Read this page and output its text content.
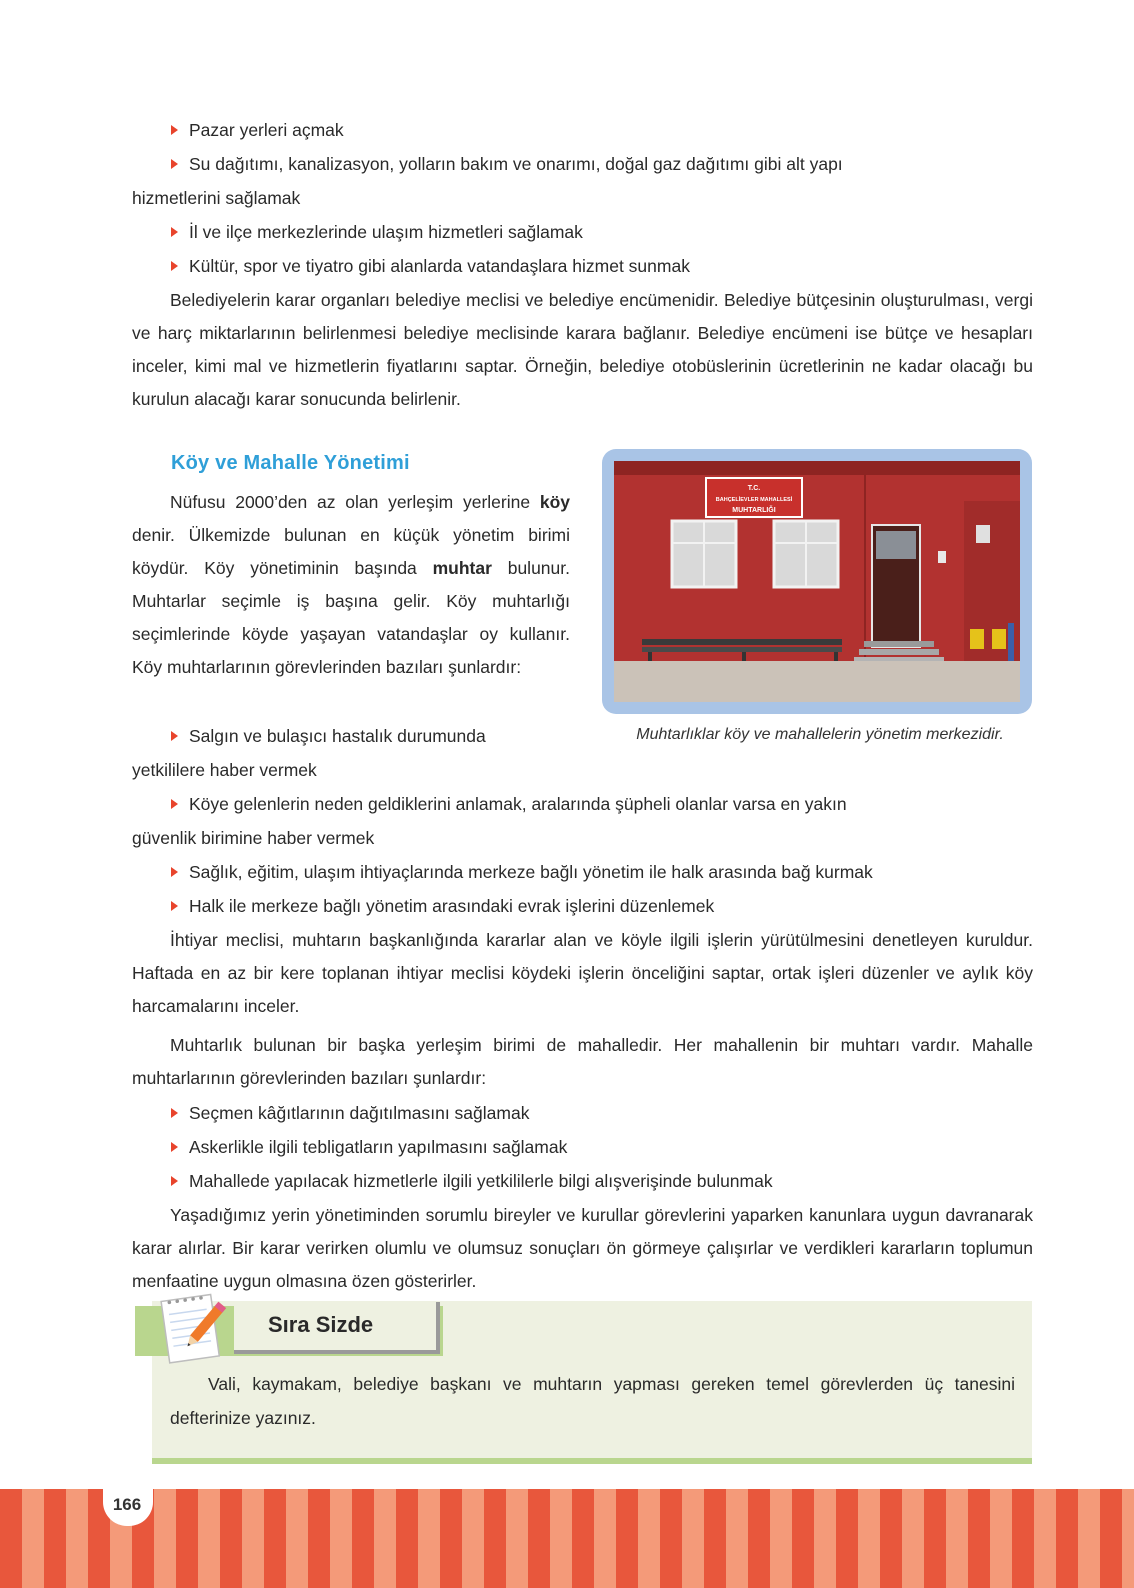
Pazar yerleri açmak
Su dağıtımı, kanalizasyon, yolların bakım ve onarımı, doğal gaz dağıtımı gibi alt yapı
hizmetlerini sağlamak
İl ve ilçe merkezlerinde ulaşım hizmetleri sağlamak
Kültür, spor ve tiyatro gibi alanlarda vatandaşlara hizmet sunmak

Belediyelerin karar organları belediye meclisi ve belediye encümenidir. Belediye bütçesinin oluşturulması, vergi ve harç miktarlarının belirlenmesi belediye meclisinde karara bağlanır. Belediye encümeni ise bütçe ve hesapları inceler, kimi mal ve hizmetlerin fiyatlarını saptar. Örneğin, belediye otobüslerinin ücretlerinin ne kadar olacağı bu kurulun alacağı karar sonucunda belirlenir.

Köy ve Mahalle Yönetimi

Nüfusu 2000’den az olan yerleşim yerlerine köy denir. Ülkemizde bulunan en küçük yönetim birimi köydür. Köy yönetiminin başında muhtar bulunur. Muhtarlar seçimle iş başına gelir. Köy muhtarlığı seçimlerinde köyde yaşayan vatandaşlar oy kullanır. Köy muhtarlarının görevlerinden bazıları şunlardır:

Salgın ve bulaşıcı hastalık durumunda
yetkililere haber vermek
T.C.
BAHÇELİEVLER MAHALLESİ
MUHTARLIĞI
Muhtarlıklar köy ve mahallelerin yönetim merkezidir.
Köye gelenlerin neden geldiklerini anlamak, aralarında şüpheli olanlar varsa en yakın
güvenlik birimine haber vermek
Sağlık, eğitim, ulaşım ihtiyaçlarında merkeze bağlı yönetim ile halk arasında bağ kurmak
Halk ile merkeze bağlı yönetim arasındaki evrak işlerini düzenlemek

İhtiyar meclisi, muhtarın başkanlığında kararlar alan ve köyle ilgili işlerin yürütülmesini denetleyen kuruldur. Haftada en az bir kere toplanan ihtiyar meclisi köydeki işlerin önceliğini saptar, ortak işleri düzenler ve aylık köy harcamalarını inceler.

Muhtarlık bulunan bir başka yerleşim birimi de mahalledir. Her mahallenin bir muhtarı vardır. Mahalle muhtarlarının görevlerinden bazıları şunlardır:

Seçmen kâğıtlarının dağıtılmasını sağlamak
Askerlikle ilgili tebligatların yapılmasını sağlamak
Mahallede yapılacak hizmetlerle ilgili yetkililerle bilgi alışverişinde bulunmak

Yaşadığımız yerin yönetiminden sorumlu bireyler ve kurullar görevlerini yaparken kanunlara uygun davranarak karar alırlar. Bir karar verirken olumlu ve olumsuz sonuçları ön görmeye çalışırlar ve verdikleri kararların toplumun menfaatine uygun olmasına özen gösterirler.

Sıra Sizde

Vali, kaymakam, belediye başkanı ve muhtarın yapması gereken temel görevlerden üç tanesini defterinize yazınız.

166
